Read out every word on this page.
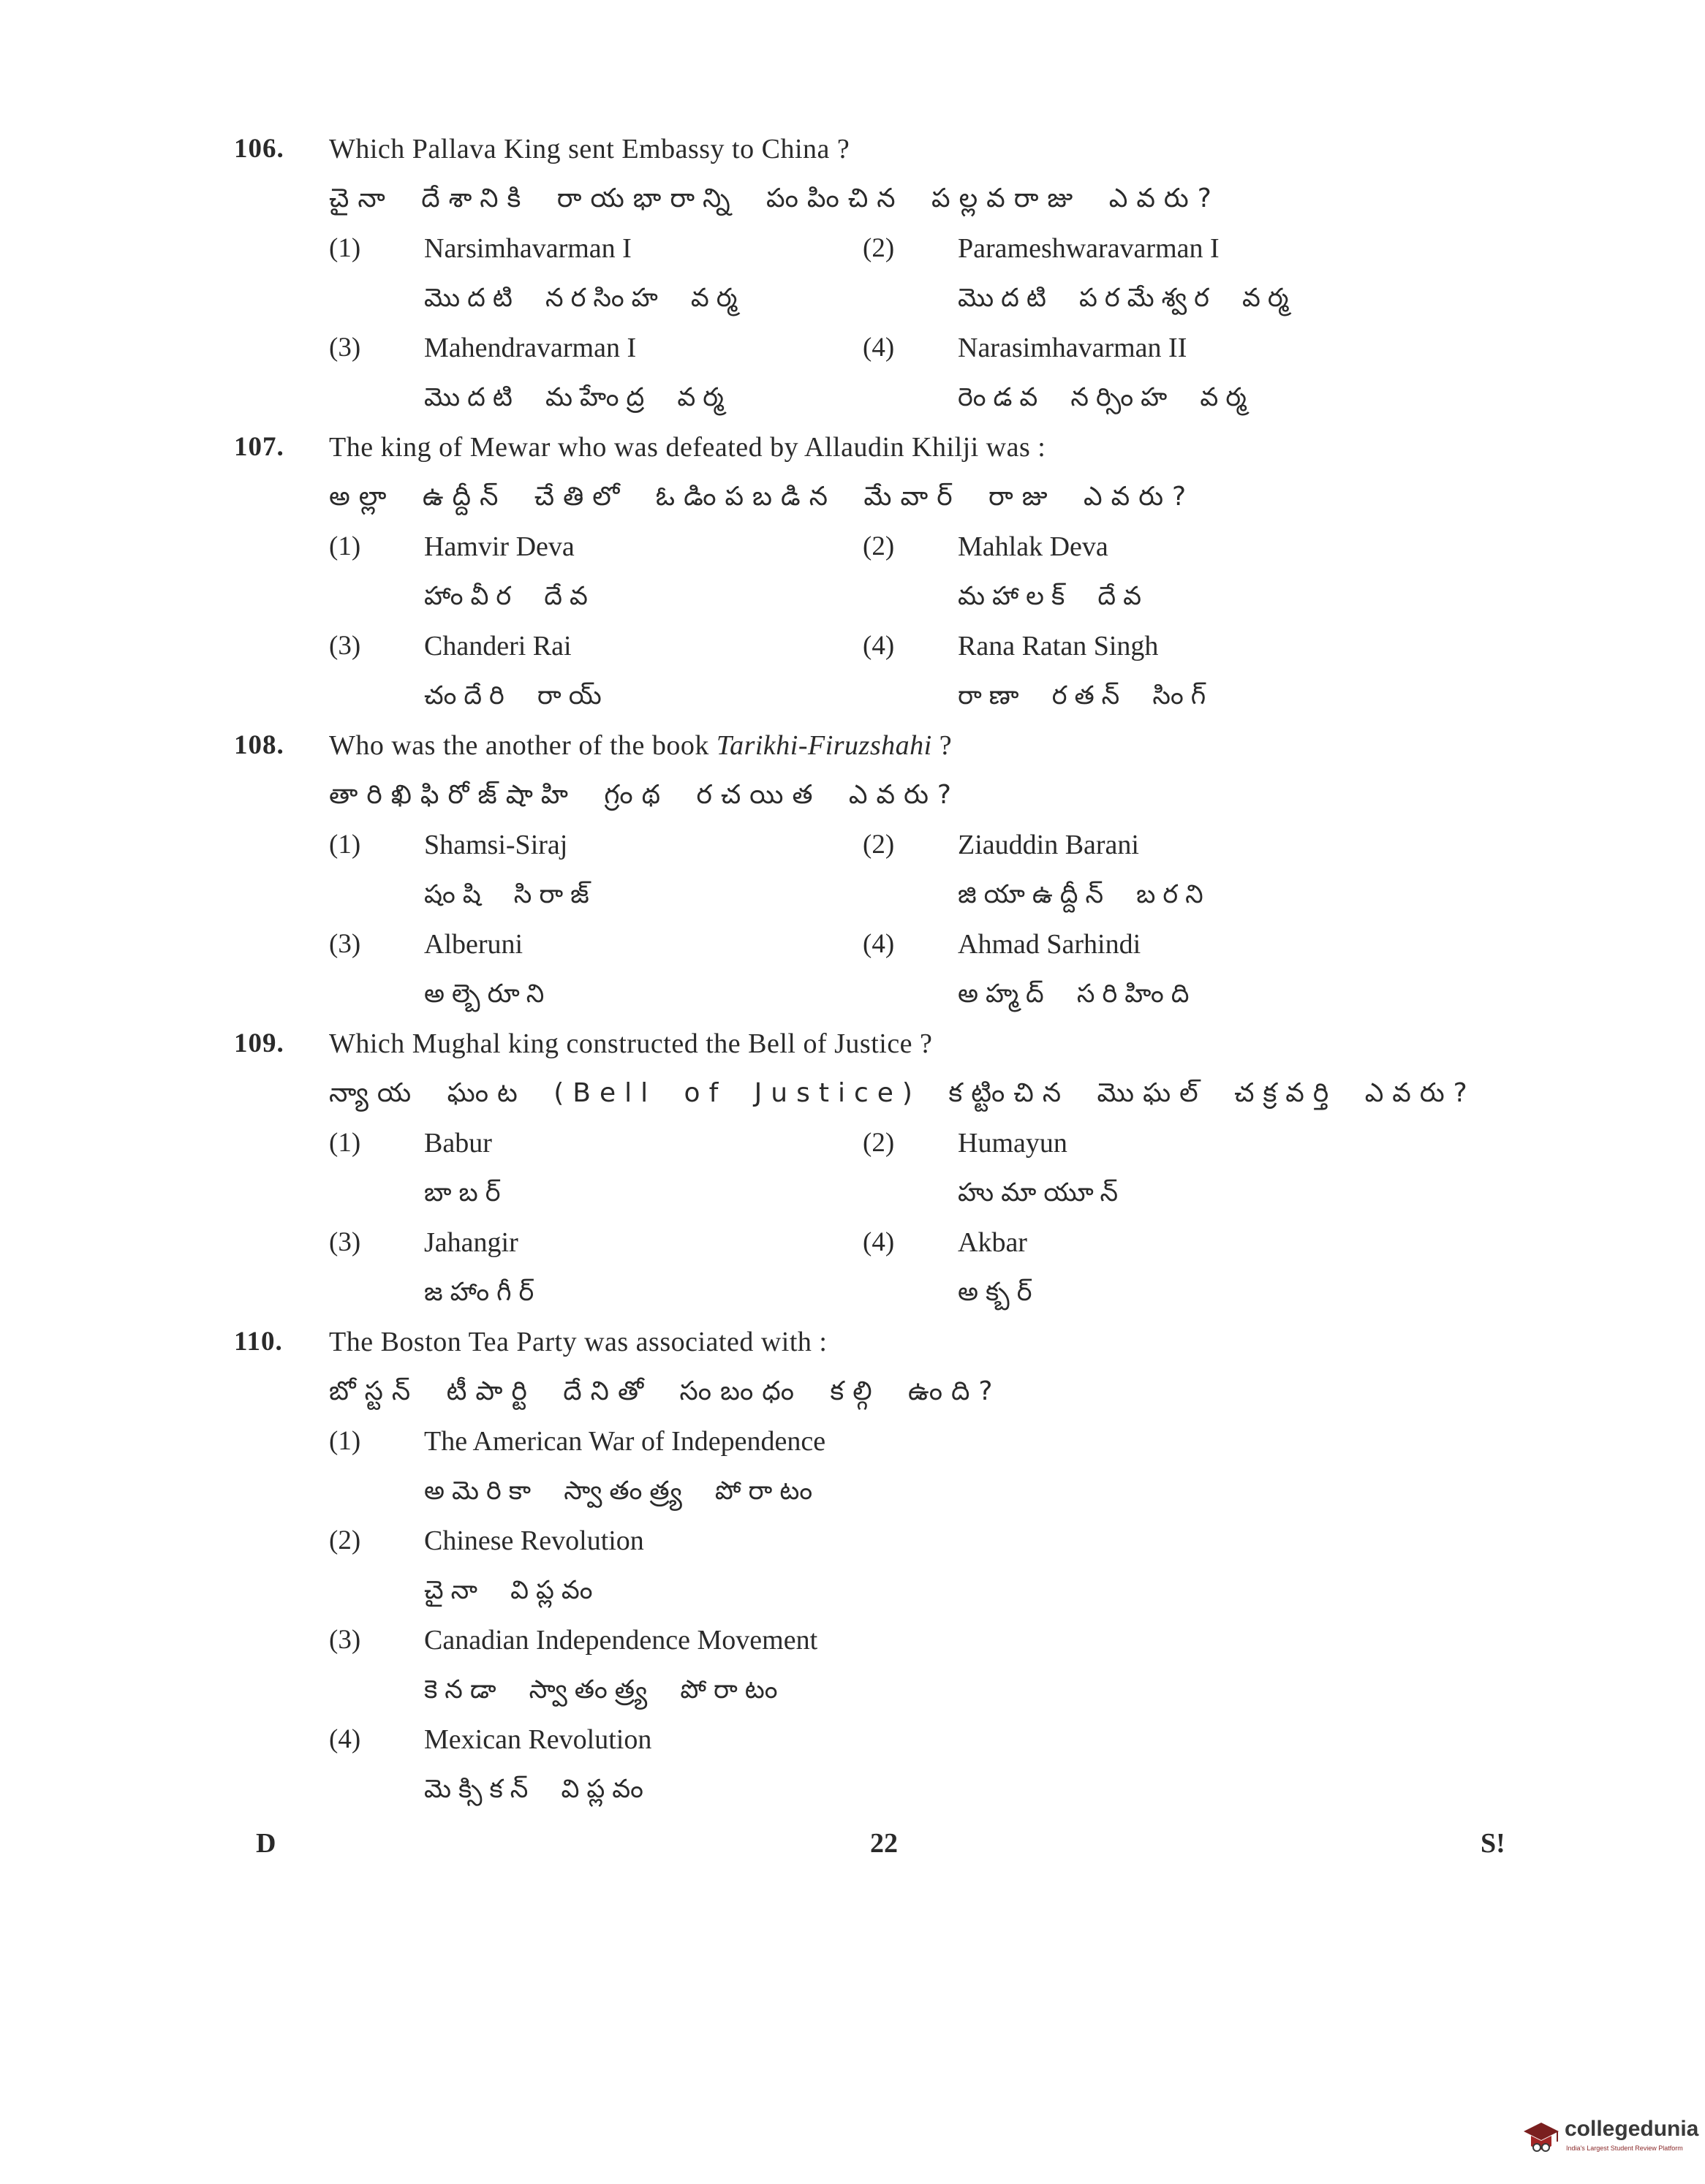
106. Which Pallava King sent Embassy to China ?
చైనా దేశానికి రాయభారాన్ని పంపించిన పల్లవరాజు ఎవరు?
(1) Narsimhavarman I
మొదటి నరసింహ వర్మ
(2) Parameshwaravarman I
మొదటి పరమేశ్వర వర్మ
(3) Mahendravarman I
మొదటి మహేంద్ర వర్మ
(4) Narasimhavarman II
రెండవ నర్సింహ వర్మ
107. The king of Mewar who was defeated by Allaudin Khilji was :
అల్లా ఉద్దీన్ చేతిలో ఓడింపబడిన మేవార్ రాజు ఎవరు?
(1) Hamvir Deva
హాంవీర దేవ
(2) Mahlak Deva
మహాలక్ దేవ
(3) Chanderi Rai
చందేరి రాయ్
(4) Rana Ratan Singh
రాణా రతన్ సింగ్
108. Who was the another of the book Tarikhi-Firuzshahi ?
తారిఖిఫిరోజ్‌షాహి గ్రంథ రచయిత ఎవరు?
(1) Shamsi-Siraj
షంషి సిరాజ్
(2) Ziauddin Barani
జియాఉద్దీన్ బరని
(3) Alberuni
అల్బెరూని
(4) Ahmad Sarhindi
అహ్మద్ సరిహింది
109. Which Mughal king constructed the Bell of Justice ?
న్యాయ ఘంట (Bell of Justice) కట్టించిన మొఘల్ చక్రవర్తి ఎవరు?
(1) Babur
బాబర్
(2) Humayun
హుమాయూన్
(3) Jahangir
జహాంగీర్
(4) Akbar
అక్బర్
110. The Boston Tea Party was associated with :
బోస్టన్ టీపార్టి దేనితో సంబంధం కల్గి ఉంది?
(1) The American War of Independence
అమెరికా స్వాతంత్ర్య పోరాటం
(2) Chinese Revolution
చైనా విప్లవం
(3) Canadian Independence Movement
కెనడా స్వాతంత్ర్య పోరాటం
(4) Mexican Revolution
మెక్సికన్ విప్లవం
D	22	S!
collegedunia
India's Largest Student Review Platform
